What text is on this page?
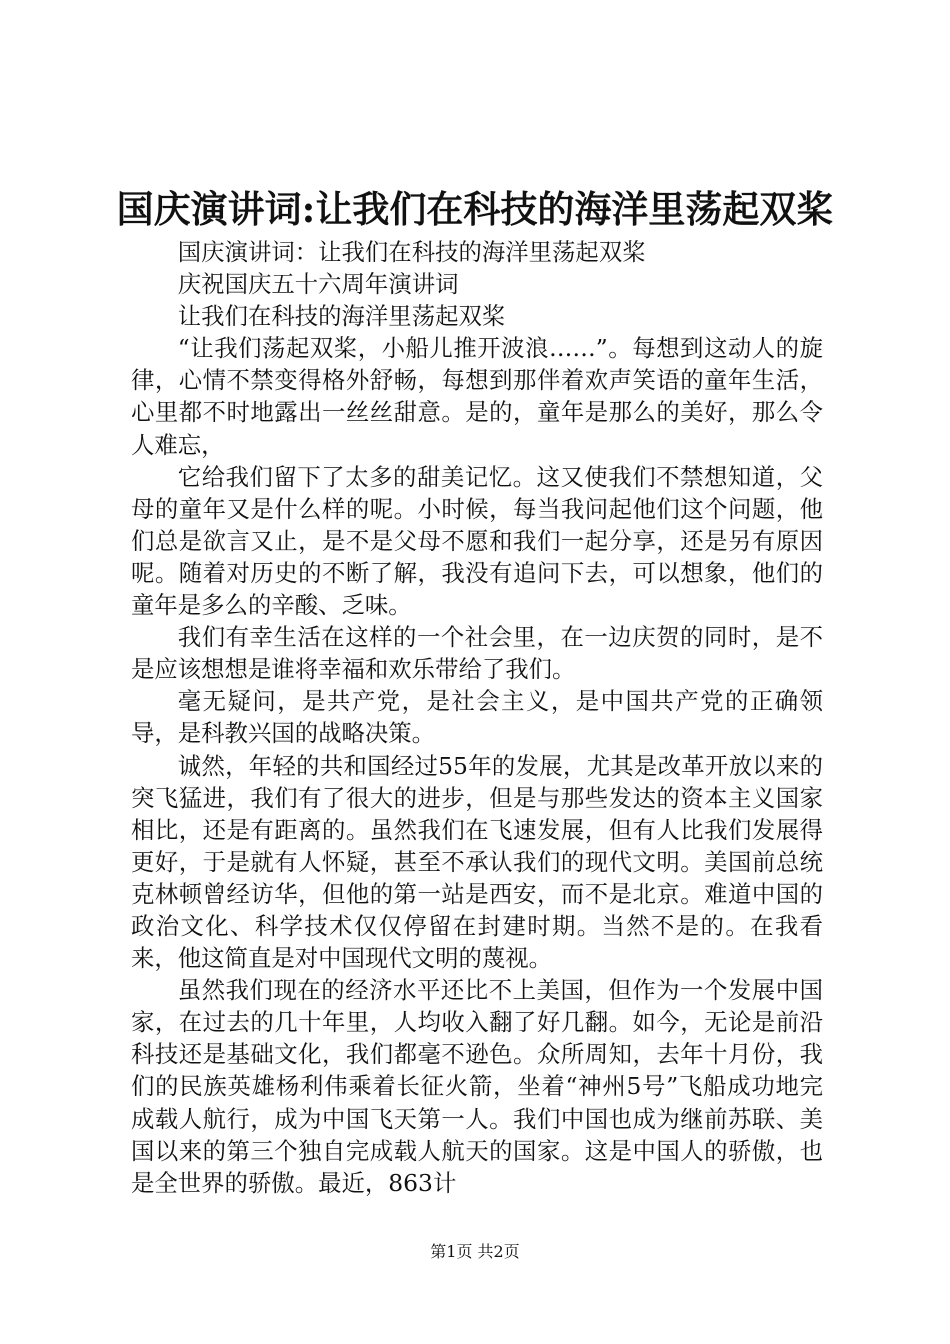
国庆演讲词:让我们在科技的海洋里荡起双桨

国庆演讲词：让我们在科技的海洋里荡起双桨

庆祝国庆五十六周年演讲词

让我们在科技的海洋里荡起双桨

“让我们荡起双桨，小船儿推开波浪……”。每想到这动人的旋律，心情不禁变得格外舒畅，每想到那伴着欢声笑语的童年生活，心里都不时地露出一丝丝甜意。是的，童年是那么的美好，那么令人难忘，

它给我们留下了太多的甜美记忆。这又使我们不禁想知道，父母的童年又是什么样的呢。小时候，每当我问起他们这个问题，他们总是欲言又止，是不是父母不愿和我们一起分享，还是另有原因呢。随着对历史的不断了解，我没有追问下去，可以想象，他们的童年是多么的辛酸、乏味。

我们有幸生活在这样的一个社会里，在一边庆贺的同时，是不是应该想想是谁将幸福和欢乐带给了我们。

毫无疑问，是共产党，是社会主义，是中国共产党的正确领导，是科教兴国的战略决策。

诚然，年轻的共和国经过55年的发展，尤其是改革开放以来的突飞猛进，我们有了很大的进步，但是与那些发达的资本主义国家相比，还是有距离的。虽然我们在飞速发展，但有人比我们发展得更好，于是就有人怀疑，甚至不承认我们的现代文明。美国前总统克林顿曾经访华，但他的第一站是西安，而不是北京。难道中国的政治文化、科学技术仅仅停留在封建时期。当然不是的。在我看来，他这简直是对中国现代文明的蔑视。

虽然我们现在的经济水平还比不上美国，但作为一个发展中国家，在过去的几十年里，人均收入翻了好几翻。如今，无论是前沿科技还是基础文化，我们都毫不逊色。众所周知，去年十月份，我们的民族英雄杨利伟乘着长征火箭，坐着“神州5号”飞船成功地完成载人航行，成为中国飞天第一人。我们中国也成为继前苏联、美国以来的第三个独自完成载人航天的国家。这是中国人的骄傲，也是全世界的骄傲。最近，863计

第1页 共2页
